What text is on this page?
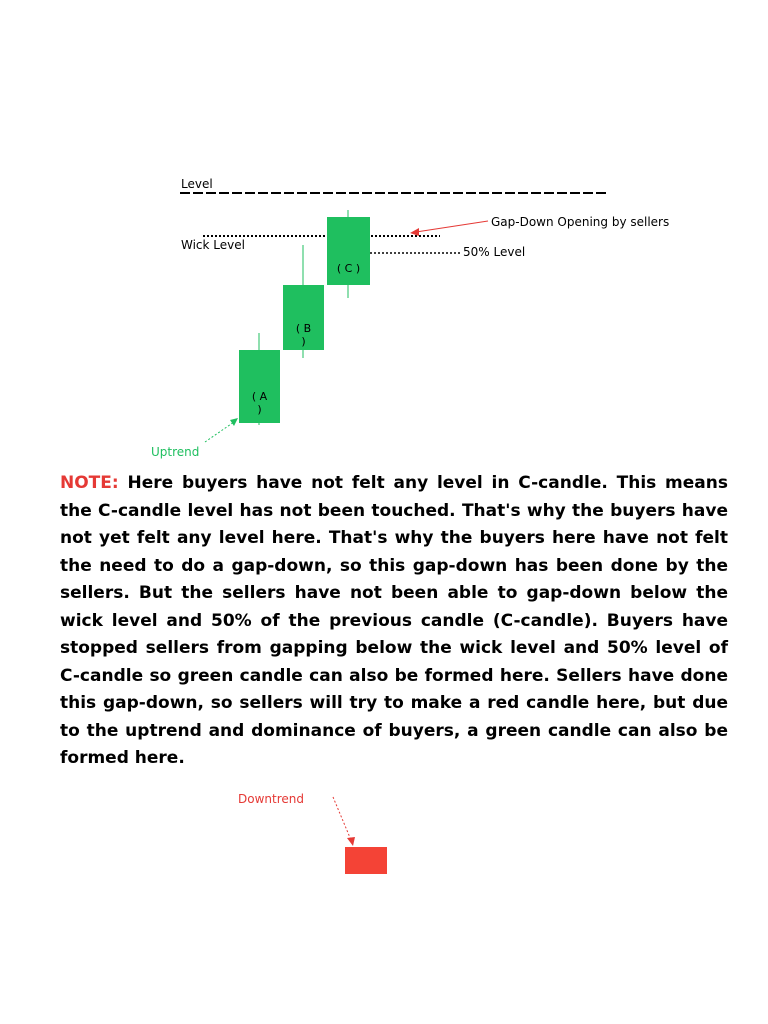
Level
Wick Level	50% Level
Gap-Down Opening by sellers
Uptrend
Downtrend
( A
)
( B
)
( C )
NOTE: Here buyers have not felt any level in C-candle. This means the C-candle level has not been touched. That's why the buyers have not yet felt any level here. That's why the buyers here have not felt the need to do a gap-down, so this gap-down has been done by the sellers. But the sellers have not been able to gap-down below the wick level and 50% of the previous candle (C-candle). Buyers have stopped sellers from gapping below the wick level and 50% level of C-candle so green candle can also be formed here. Sellers have done this gap-down, so sellers will try to make a red candle here, but due to the uptrend and dominance of buyers, a green candle can also be formed here.
